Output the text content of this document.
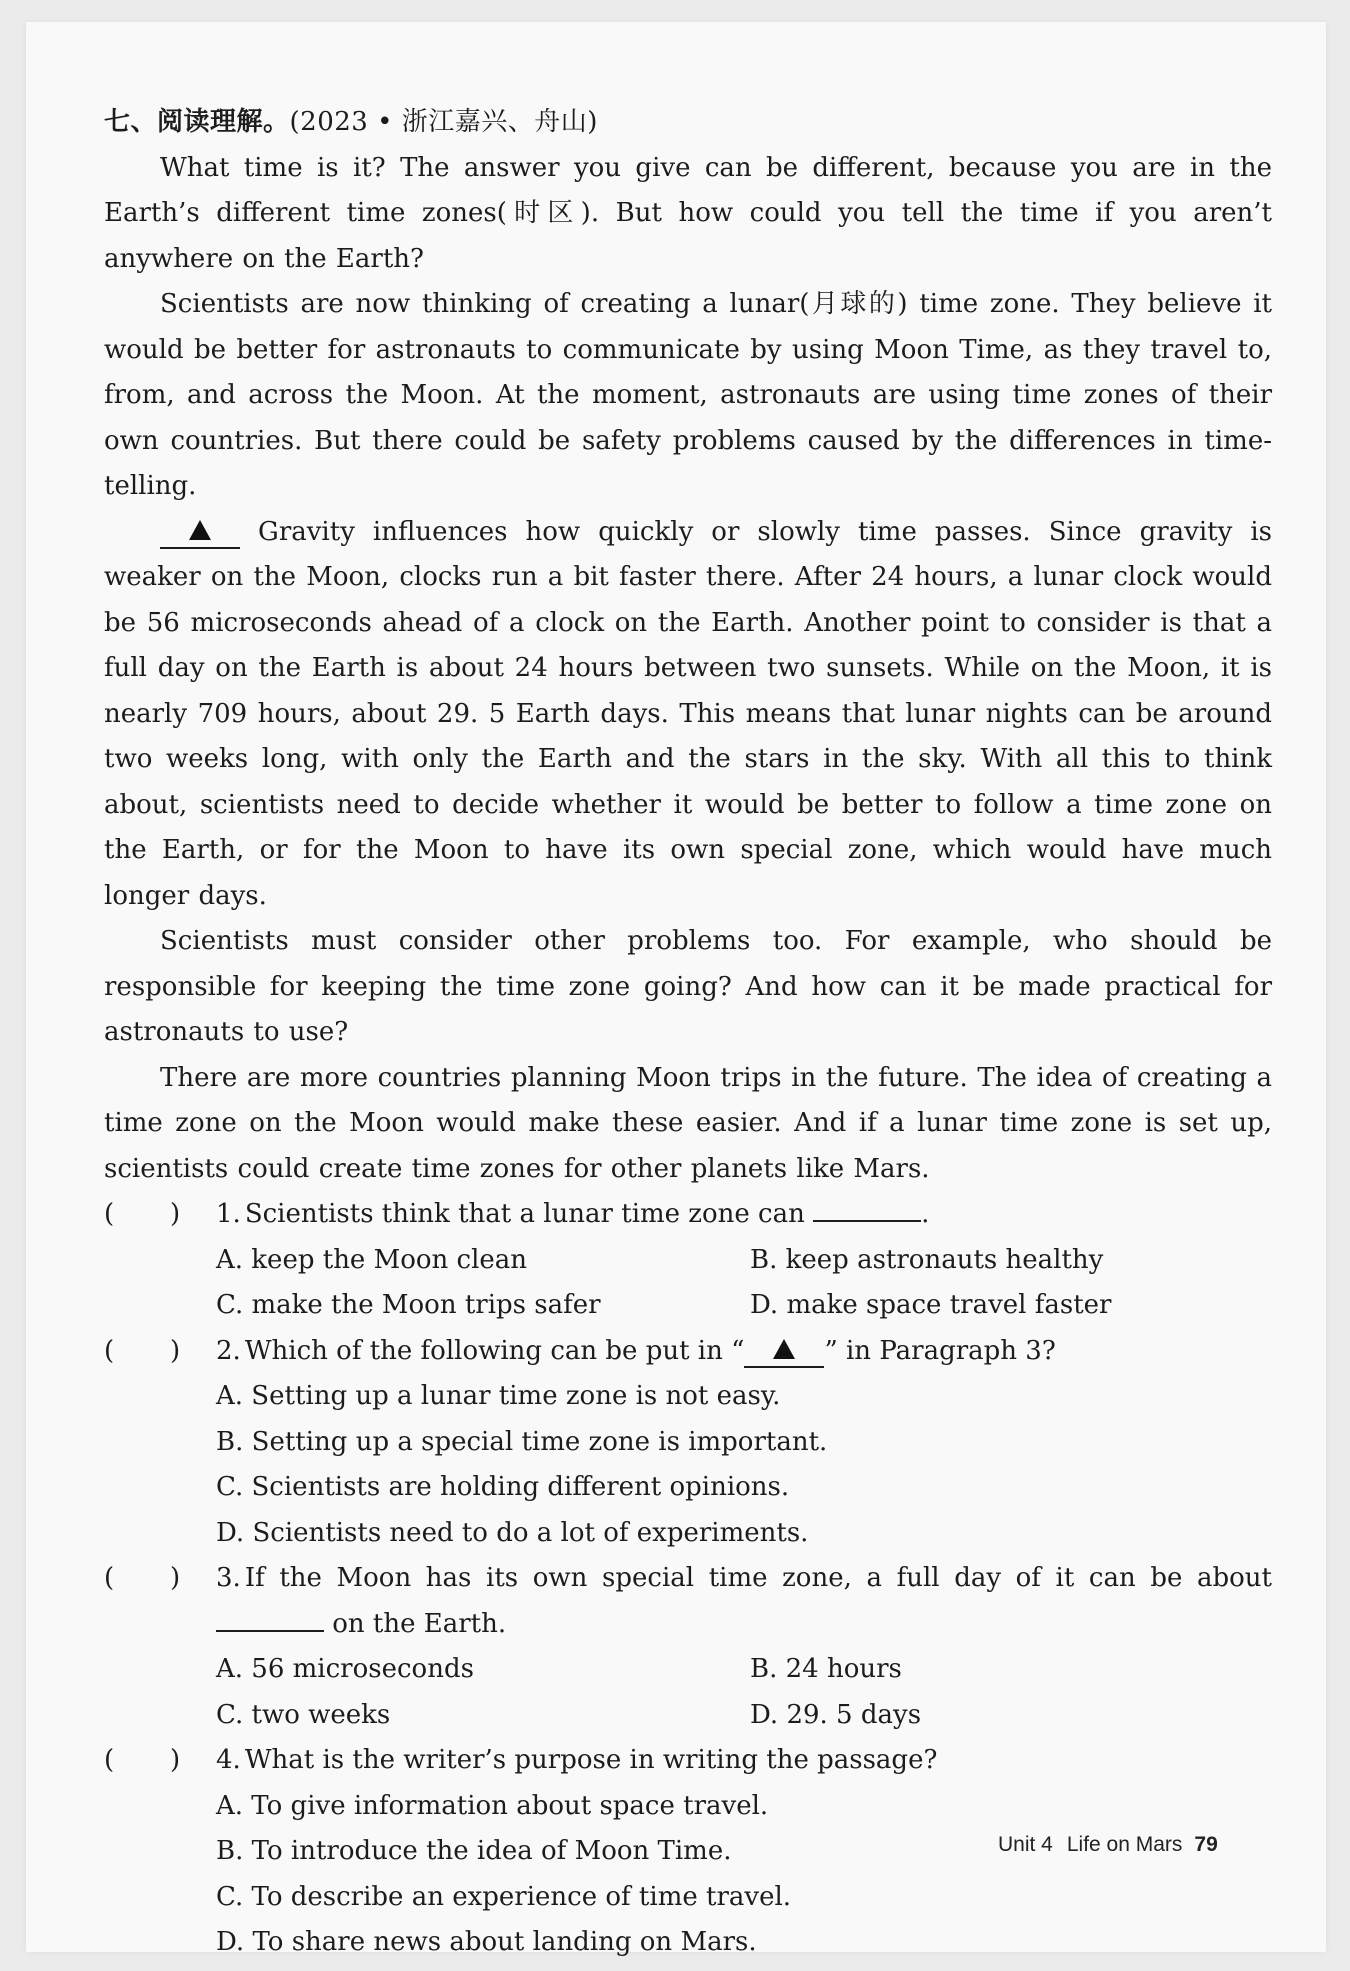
七、阅读理解。(2023 • 浙江嘉兴、舟山)

What time is it? The answer you give can be different, because you are in the Earth’s different time zones(时区). But how could you tell the time if you aren’t anywhere on the Earth?

Scientists are now thinking of creating a lunar(月球的) time zone. They believe it would be better for astronauts to communicate by using Moon Time, as they travel to, from, and across the Moon. At the moment, astronauts are using time zones of their own countries. But there could be safety problems caused by the differences in time-telling.

Gravity influences how quickly or slowly time passes. Since gravity is weaker on the Moon, clocks run a bit faster there. After 24 hours, a lunar clock would be 56 microseconds ahead of a clock on the Earth. Another point to consider is that a full day on the Earth is about 24 hours between two sunsets. While on the Moon, it is nearly 709 hours, about 29. 5 Earth days. This means that lunar nights can be around two weeks long, with only the Earth and the stars in the sky. With all this to think about, scientists need to decide whether it would be better to follow a time zone on the Earth, or for the Moon to have its own special zone, which would have much longer days.

Scientists must consider other problems too. For example, who should be responsible for keeping the time zone going? And how can it be made practical for astronauts to use?

There are more countries planning Moon trips in the future. The idea of creating a time zone on the Moon would make these easier. And if a lunar time zone is set up, scientists could create time zones for other planets like Mars.

( ) 1. Scientists think that a lunar time zone can	.
A. keep the Moon clean	B. keep astronauts healthy
C. make the Moon trips safer	D. make space travel faster
( ) 2. Which of the following can be put in “	” in Paragraph 3?
A. Setting up a lunar time zone is not easy.
B. Setting up a special time zone is important.
C. Scientists are holding different opinions.
D. Scientists need to do a lot of experiments.
( ) 3. If the Moon has its own special time zone, a full day of it can be about  on the Earth.
A. 56 microseconds	B. 24 hours
C. two weeks	D. 29. 5 days
( ) 4. What is the writer’s purpose in writing the passage?
A. To give information about space travel.
B. To introduce the idea of Moon Time.
C. To describe an experience of time travel.
D. To share news about landing on Mars.
Unit 4 Life on Mars 79
